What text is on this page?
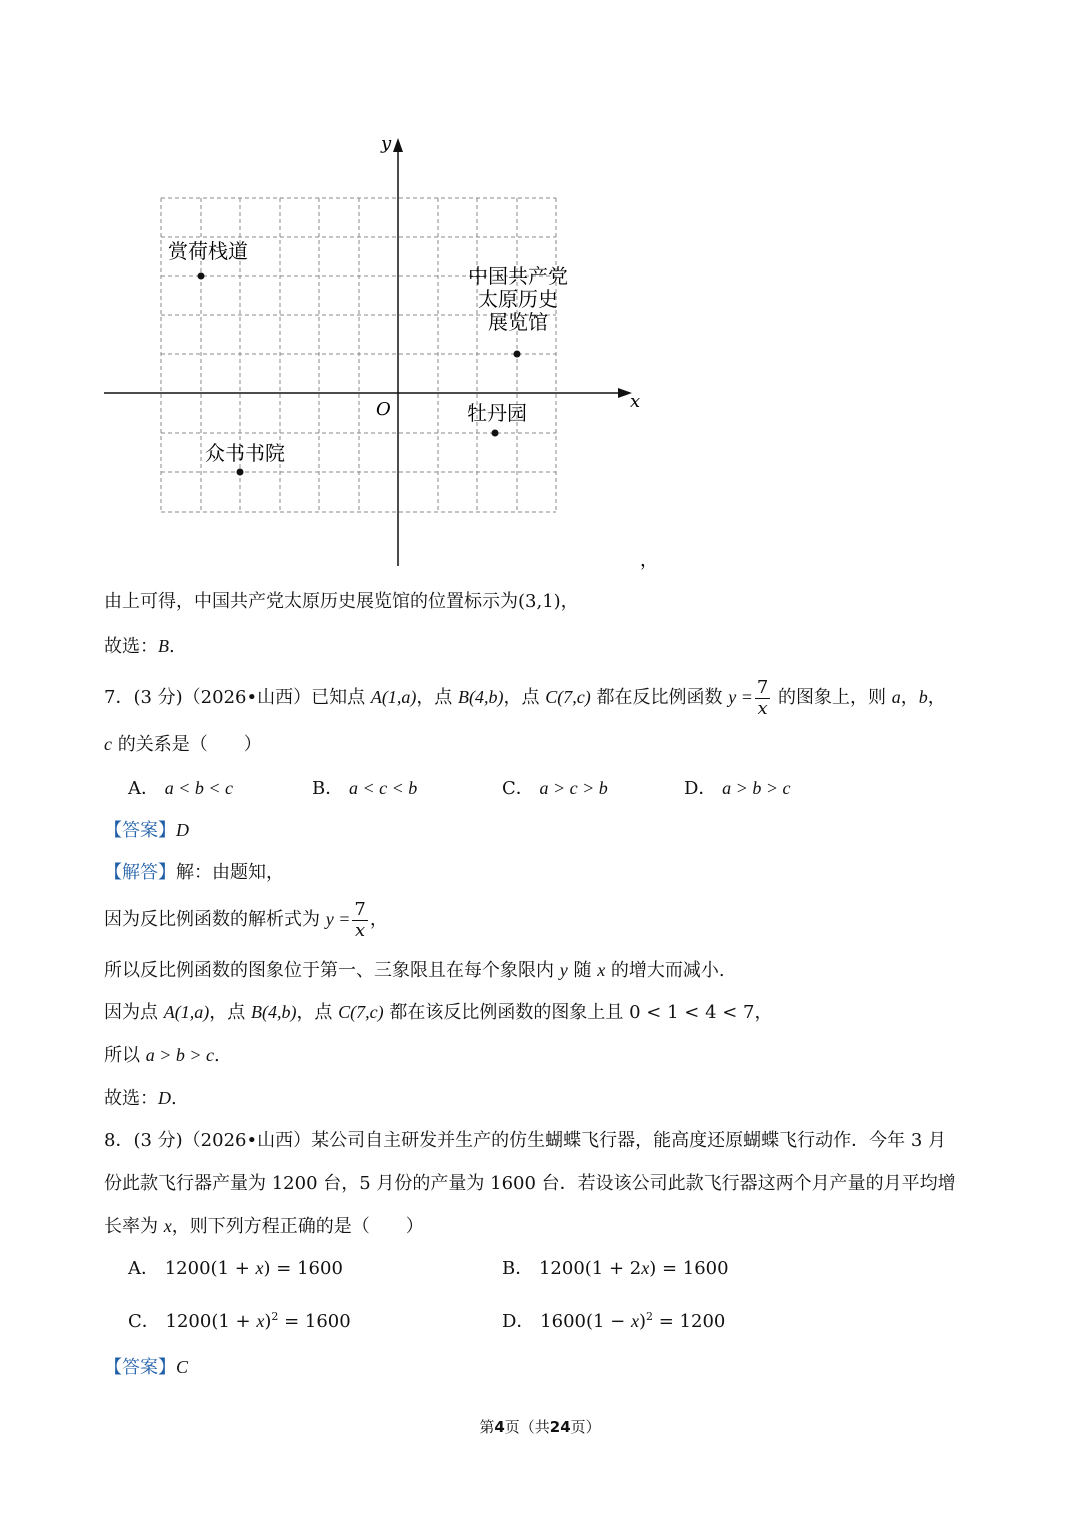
x
y
O
赏荷栈道
中国共产党
太原历史
展览馆
牡丹园
众书书院
，
由上可得，中国共产党太原历史展览馆的位置标示为(3,1)，
故选：B.
7．(3 分)（2026•山西）已知点 A(1,a)，点 B(4,b)，点 C(7,c) 都在反比例函数 $y = \frac{7}{x}$ 的图象上，则 a，b，
c 的关系是（　　）
A． a < b < c	B． a < c < b	C． a > c > b	D． a > b > c
【答案】D
【解答】解：由题知，
因为反比例函数的解析式为 $y = \frac{7}{x}$ ，
所以反比例函数的图象位于第一、三象限且在每个象限内 y 随 x 的增大而减小.
因为点 A(1,a)，点 B(4,b)，点 C(7,c) 都在该反比例函数的图象上且 0 < 1 < 4 < 7，
所以 a > b > c.
故选：D.
8．(3 分)（2026•山西）某公司自主研发并生产的仿生蝴蝶飞行器，能高度还原蝴蝶飞行动作．今年 3 月
份此款飞行器产量为 1200 台，5 月份的产量为 1600 台．若设该公司此款飞行器这两个月产量的月平均增
长率为 x，则下列方程正确的是（　　）
A． 1200(1 + x) = 1600	B． 1200(1 + 2x) = 1600
C． $1200(1 + x)^2 = 1600$	D． $1600(1 - x)^2 = 1200$
【答案】C
第4页（共24页）
